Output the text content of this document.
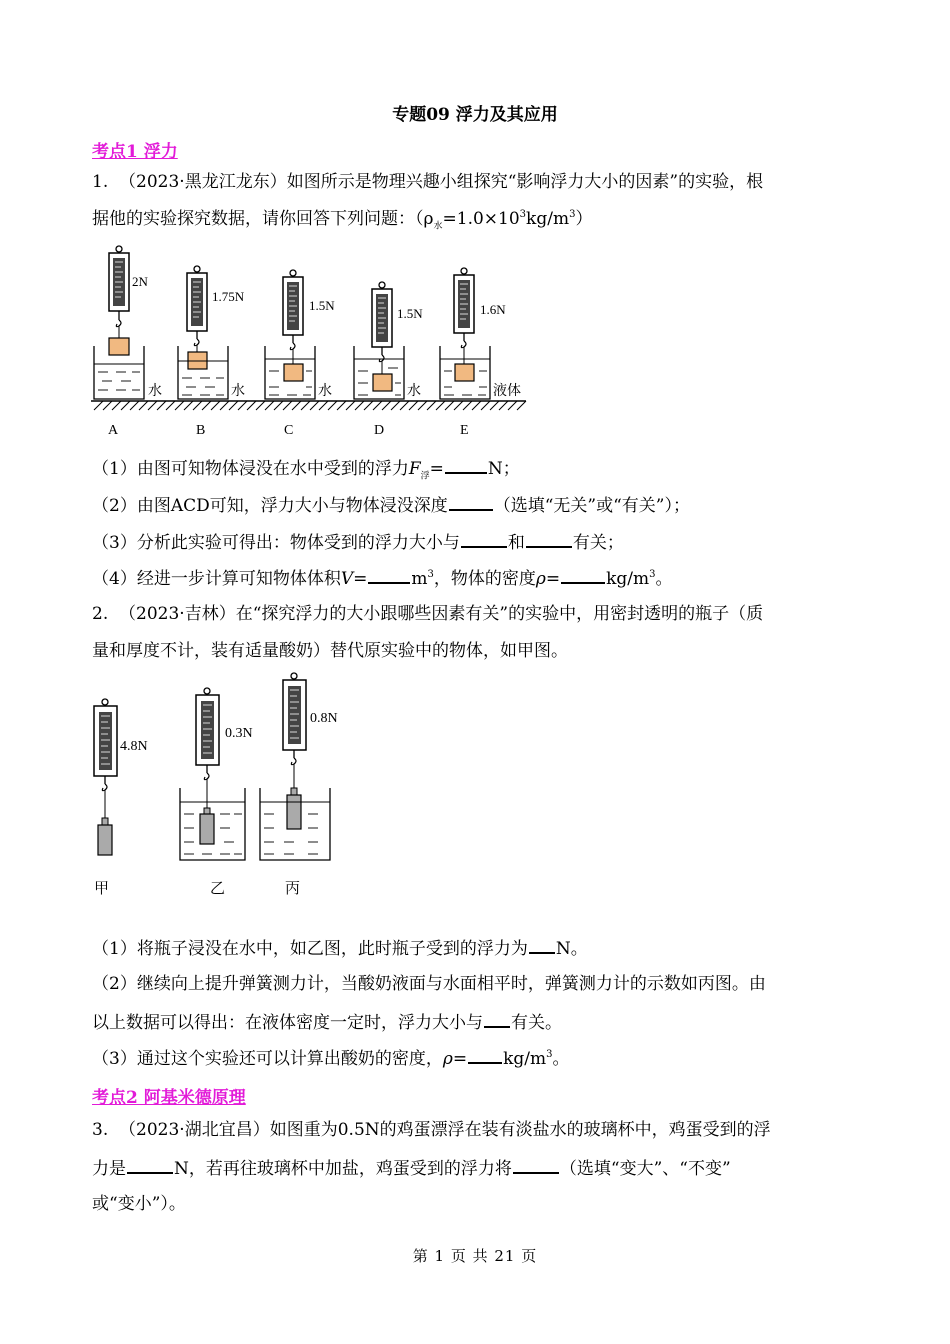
专题09 浮力及其应用
考点1 浮力
1. （2023·黑龙江龙东）如图所示是物理兴趣小组探究“影响浮力大小的因素”的实验，根
据他的实验探究数据，请你回答下列问题：$(\rho_水=1.0\times 10^3kg/m^3)$
2N
水
A
1.75N
水
B
1.5N
水
C
1.5N
水
D
1.6N
液体
E
（1）由图可知物体浸没在水中受到的浮力$F_浮=$	N；
（2）由图ACD可知，浮力大小与物体浸没深度	（选填“无关”或“有关”）；
（3）分析此实验可得出：物体受到的浮力大小与	和	有关；
（4）经进一步计算可知物体体积V=	$m^3$，物体的密度ρ=	$kg/m^3$。
2. （2023·吉林）在“探究浮力的大小跟哪些因素有关”的实验中，用密封透明的瓶子（质
量和厚度不计，装有适量酸奶）替代原实验中的物体，如甲图。
4.8N
甲
0.3N
乙
0.8N
丙
（1）将瓶子浸没在水中，如乙图，此时瓶子受到的浮力为 N。
（2）继续向上提升弹簧测力计，当酸奶液面与水面相平时，弹簧测力计的示数如丙图。由
以上数据可以得出：在液体密度一定时，浮力大小与 有关。
（3）通过这个实验还可以计算出酸奶的密度，$\rho= kg/m^3$。
考点2 阿基米德原理
3. （2023·湖北宜昌）如图重为0.5N的鸡蛋漂浮在装有淡盐水的玻璃杯中，鸡蛋受到的浮
力是	N，若再往玻璃杯中加盐，鸡蛋受到的浮力将	（选填“变大”、“不变”
或“变小”）。
第 1 页 共 21 页
